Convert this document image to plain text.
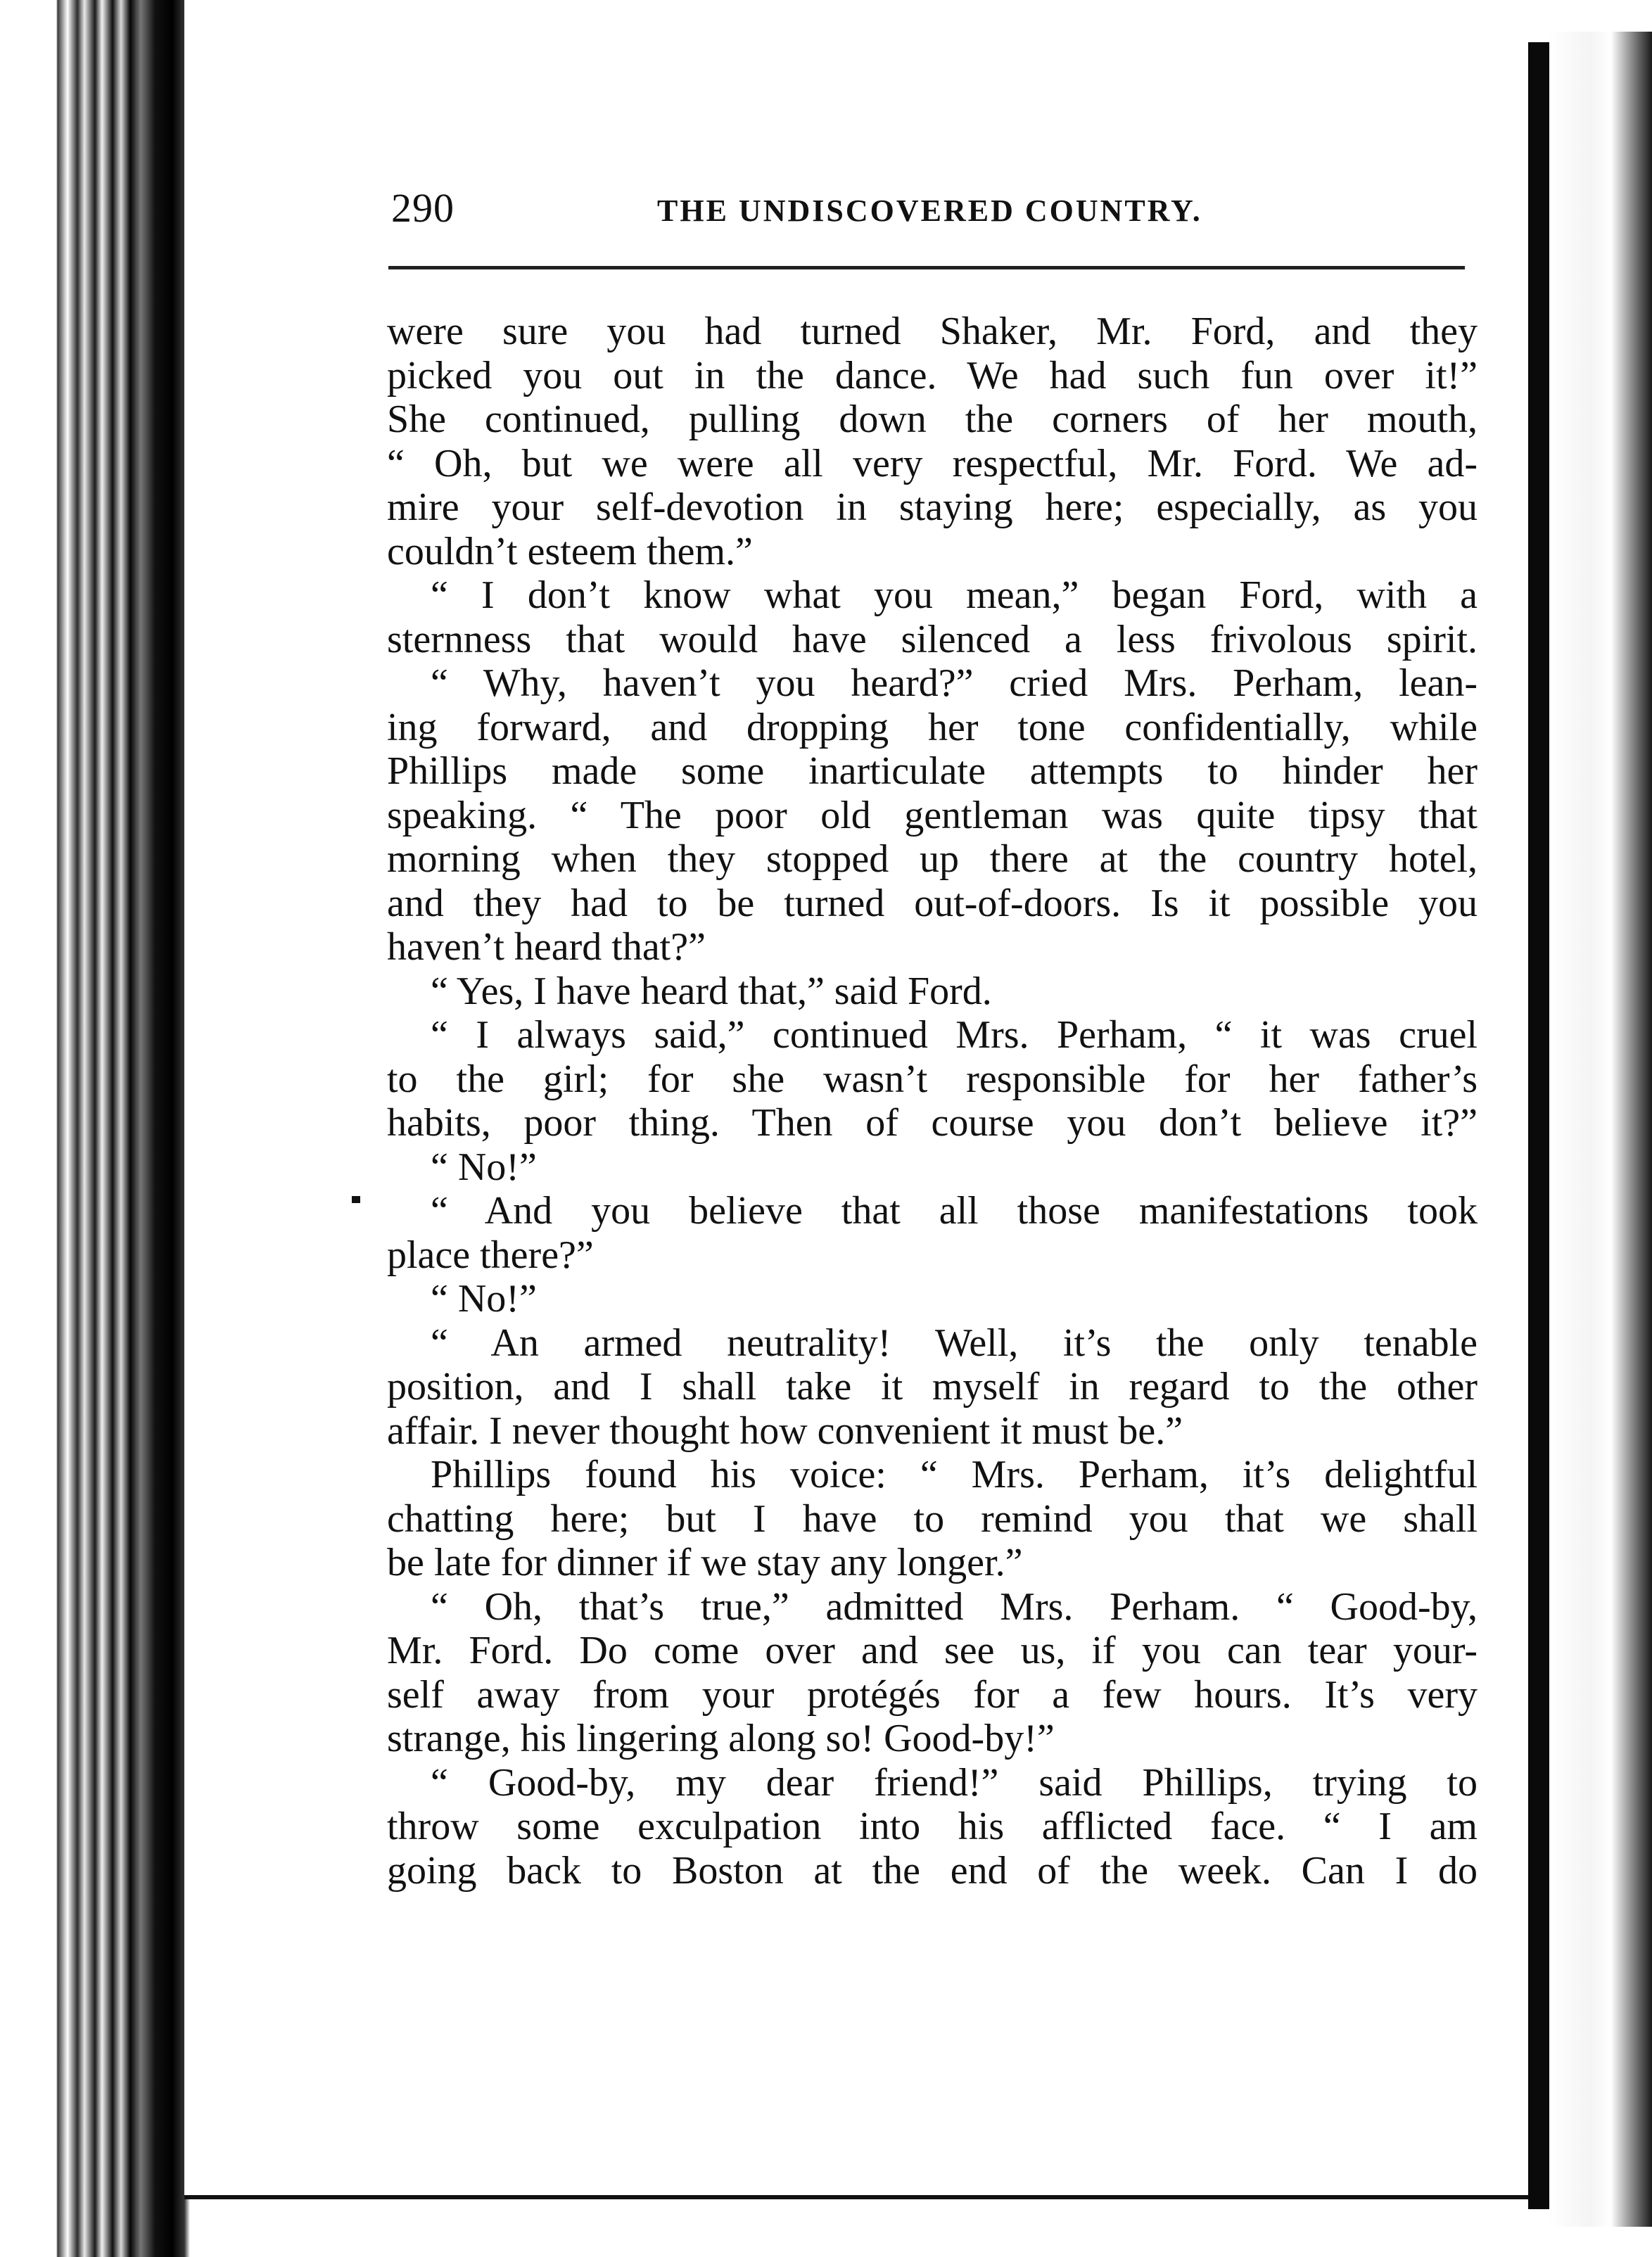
290	THE UNDISCOVERED COUNTRY.
were sure you had turned Shaker, Mr. Ford, and they
picked you out in the dance. We had such fun over it!”
She continued, pulling down the corners of her mouth,
“ Oh, but we were all very respectful, Mr. Ford. We ad-
mire your self-devotion in staying here; especially, as you
couldn’t esteem them.”
“ I don’t know what you mean,” began Ford, with a
sternness that would have silenced a less frivolous spirit.
“ Why, haven’t you heard?” cried Mrs. Perham, lean-
ing forward, and dropping her tone confidentially, while
Phillips made some inarticulate attempts to hinder her
speaking. “ The poor old gentleman was quite tipsy that
morning when they stopped up there at the country hotel,
and they had to be turned out-of-doors. Is it possible you
haven’t heard that?”
“ Yes, I have heard that,” said Ford.
“ I always said,” continued Mrs. Perham, “ it was cruel
to the girl; for she wasn’t responsible for her father’s
habits, poor thing. Then of course you don’t believe it?”
“ No!”
“ And you believe that all those manifestations took
place there?”
“ No!”
“ An armed neutrality! Well, it’s the only tenable
position, and I shall take it myself in regard to the other
affair. I never thought how convenient it must be.”
Phillips found his voice: “ Mrs. Perham, it’s delightful
chatting here; but I have to remind you that we shall
be late for dinner if we stay any longer.”
“ Oh, that’s true,” admitted Mrs. Perham. “ Good-by,
Mr. Ford. Do come over and see us, if you can tear your-
self away from your protégés for a few hours. It’s very
strange, his lingering along so! Good-by!”
“ Good-by, my dear friend!” said Phillips, trying to
throw some exculpation into his afflicted face. “ I am
going back to Boston at the end of the week. Can I do
